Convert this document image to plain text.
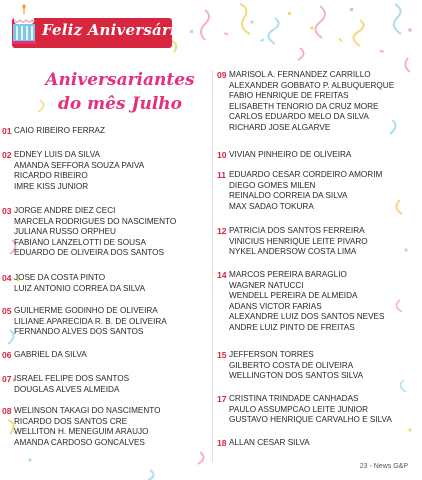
Feliz Aniversário!
Aniversariantes
do mês Julho
01 CAIO RIBEIRO FERRAZ
02 EDNEY LUIS DA SILVA
AMANDA SEFFORA SOUZA PAIVA
RICARDO RIBEIRO
IMRE KISS JUNIOR
03 JORGE ANDRE DIEZ CECI
MARCELA RODRIGUES DO NASCIMENTO
JULIANA RUSSO ORPHEU
FABIANO LANZELOTTI DE SOUSA
EDUARDO DE OLIVEIRA DOS SANTOS
04 JOSE DA COSTA PINTO
LUIZ ANTONIO CORREA DA SILVA
05 GUILHERME GODINHO DE OLIVEIRA
LILIANE APARECIDA R. B. DE OLIVEIRA
FERNANDO ALVES DOS SANTOS
06 GABRIEL DA SILVA
07 ISRAEL FELIPE DOS SANTOS
DOUGLAS ALVES ALMEIDA
08 WELINSON TAKAGI DO NASCIMENTO
RICARDO DOS SANTOS CRE
WELLITON H. MENEGUIM ARAUJO
AMANDA CARDOSO GONCALVES
09 MARISOL A. FERNANDEZ CARRILLO
ALEXANDER GOBBATO P. ALBUQUERQUE
FABIO HENRIQUE DE FREITAS
ELISABETH TENORIO DA CRUZ MORE
CARLOS EDUARDO MELO DA SILVA
RICHARD JOSE ALGARVE
10 VIVIAN PINHEIRO DE OLIVEIRA
11 EDUARDO CESAR CORDEIRO AMORIM
DIEGO GOMES MILEN
REINALDO CORREIA DA SILVA
MAX SADAO TOKURA
12 PATRICIA DOS SANTOS FERREIRA
VINICIUS HENRIQUE LEITE PIVARO
NYKEL ANDERSOW COSTA LIMA
14 MARCOS PEREIRA BARAGLIO
WAGNER NATUCCI
WENDELL PEREIRA DE ALMEIDA
ADANS VICTOR FARIAS
ALEXANDRE LUIZ DOS SANTOS NEVES
ANDRE LUIZ PINTO DE FREITAS
15 JEFFERSON TORRES
GILBERTO COSTA DE OLIVEIRA
WELLINGTON DOS SANTOS SILVA
17 CRISTINA TRINDADE CANHADAS
PAULO ASSUMPCAO LEITE JUNIOR
GUSTAVO HENRIQUE CARVALHO E SILVA
18 ALLAN CESAR SILVA
23 - News G&P
